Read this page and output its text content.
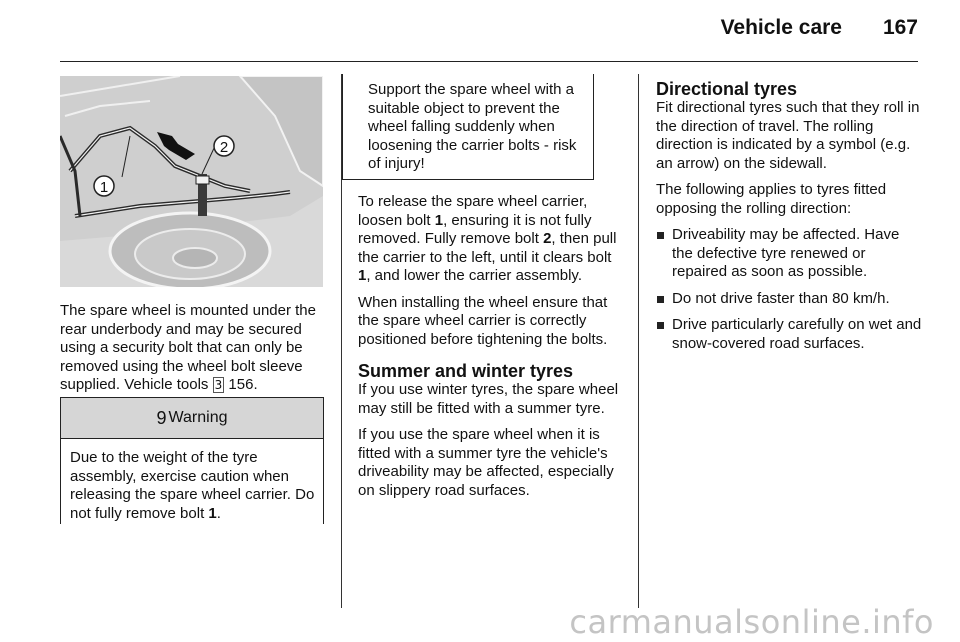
Vehicle care 167
1
2

The spare wheel is mounted under the rear underbody and may be secured using a security bolt that can only be removed using the wheel bolt sleeve supplied. Vehicle tools 3 156.

9 Warning
Due to the weight of the tyre assembly, exercise caution when releasing the spare wheel carrier. Do not fully remove bolt 1.
Support the spare wheel with a suitable object to prevent the wheel falling suddenly when loosening the carrier bolts - risk of injury!

To release the spare wheel carrier, loosen bolt 1, ensuring it is not fully removed. Fully remove bolt 2, then pull the carrier to the left, until it clears bolt 1, and lower the carrier assembly.

When installing the wheel ensure that the spare wheel carrier is correctly positioned before tightening the bolts.

Summer and winter tyres

If you use winter tyres, the spare wheel may still be fitted with a summer tyre.

If you use the spare wheel when it is fitted with a summer tyre the vehicle's driveability may be affected, especially on slippery road surfaces.

Directional tyres

Fit directional tyres such that they roll in the direction of travel. The rolling direction is indicated by a symbol (e.g. an arrow) on the sidewall.

The following applies to tyres fitted opposing the rolling direction:

Driveability may be affected. Have the defective tyre renewed or repaired as soon as possible.
Do not drive faster than 80 km/h.
Drive particularly carefully on wet and snow-covered road surfaces.
carmanualsonline.info
